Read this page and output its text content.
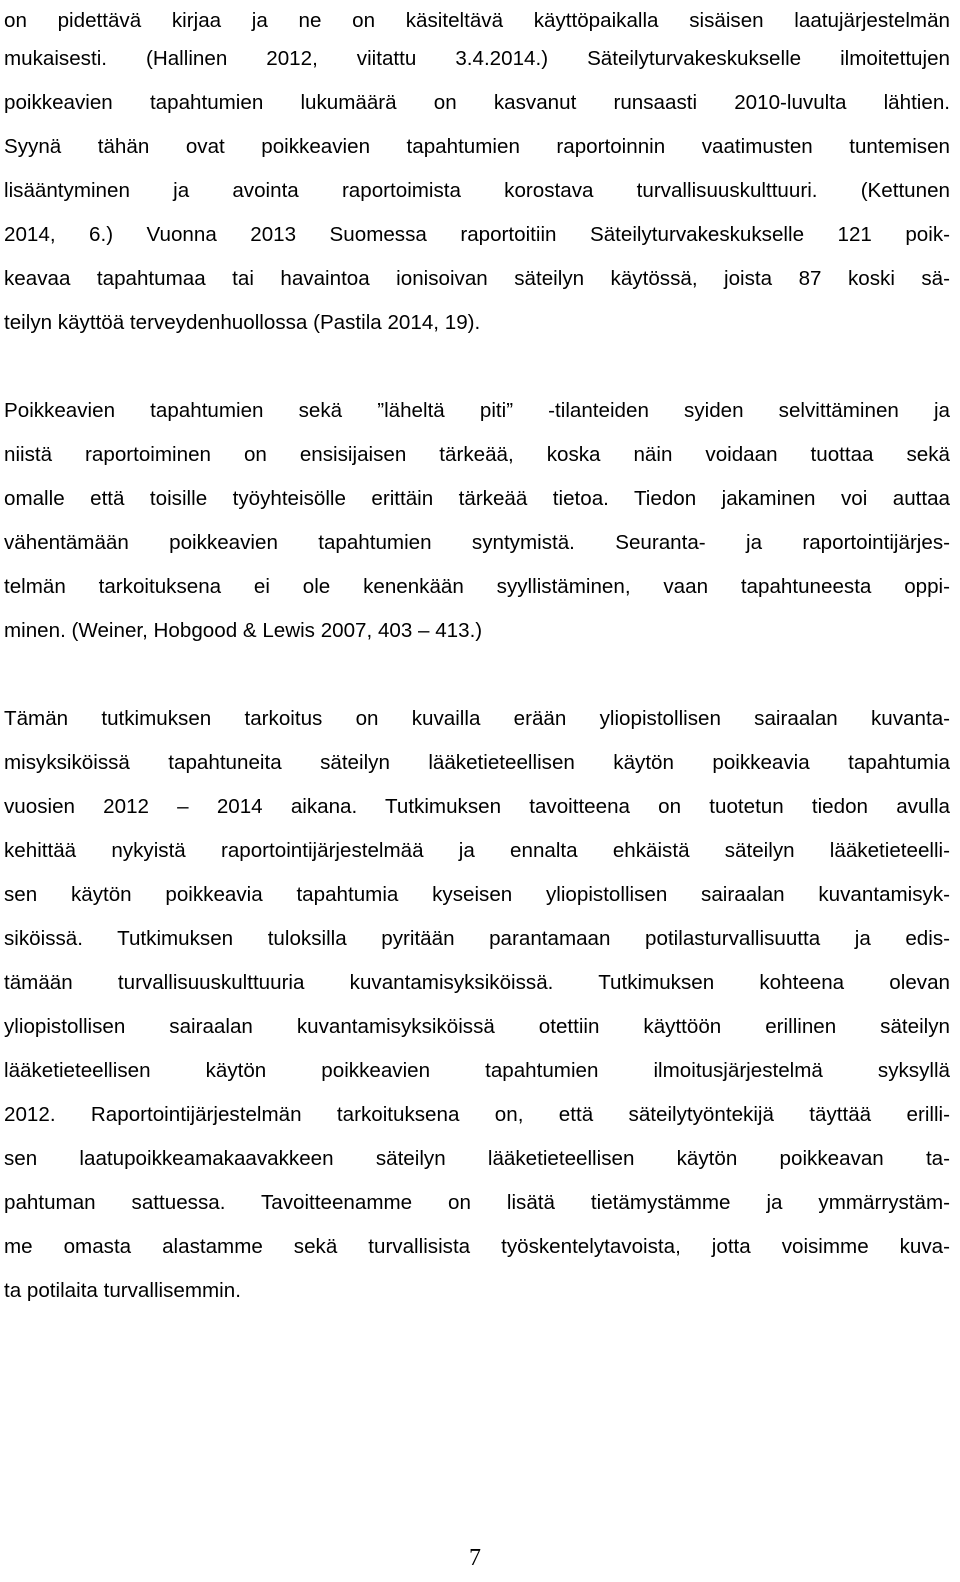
on pidettävä kirjaa ja ne on käsiteltävä käyttöpaikalla sisäisen laatujärjestelmän
mukaisesti. (Hallinen 2012, viitattu 3.4.2014.) Säteilyturvakeskukselle ilmoitettujen
poikkeavien tapahtumien lukumäärä on kasvanut runsaasti 2010-luvulta lähtien.
Syynä tähän ovat poikkeavien tapahtumien raportoinnin vaatimusten tuntemisen
lisääntyminen ja avointa raportoimista korostava turvallisuuskulttuuri. (Kettunen
2014, 6.) Vuonna 2013 Suomessa raportoitiin Säteilyturvakeskukselle 121 poik-
keavaa tapahtumaa tai havaintoa ionisoivan säteilyn käytössä, joista 87 koski sä-
teilyn käyttöä terveydenhuollossa (Pastila 2014, 19).
Poikkeavien tapahtumien sekä ”läheltä piti” -tilanteiden syiden selvittäminen ja
niistä raportoiminen on ensisijaisen tärkeää, koska näin voidaan tuottaa sekä
omalle että toisille työyhteisölle erittäin tärkeää tietoa. Tiedon jakaminen voi auttaa
vähentämään poikkeavien tapahtumien syntymistä. Seuranta- ja raportointijärjes-
telmän tarkoituksena ei ole kenenkään syyllistäminen, vaan tapahtuneesta oppi-
minen. (Weiner, Hobgood & Lewis 2007, 403 – 413.)
Tämän tutkimuksen tarkoitus on kuvailla erään yliopistollisen sairaalan kuvanta-
misyksiköissä tapahtuneita säteilyn lääketieteellisen käytön poikkeavia tapahtumia
vuosien 2012 – 2014 aikana. Tutkimuksen tavoitteena on tuotetun tiedon avulla
kehittää nykyistä raportointijärjestelmää ja ennalta ehkäistä säteilyn lääketieteelli-
sen käytön poikkeavia tapahtumia kyseisen yliopistollisen sairaalan kuvantamisyk-
siköissä. Tutkimuksen tuloksilla pyritään parantamaan potilasturvallisuutta ja edis-
tämään turvallisuuskulttuuria kuvantamisyksiköissä. Tutkimuksen kohteena olevan
yliopistollisen sairaalan kuvantamisyksiköissä otettiin käyttöön erillinen säteilyn
lääketieteellisen käytön poikkeavien tapahtumien ilmoitusjärjestelmä syksyllä
2012. Raportointijärjestelmän tarkoituksena on, että säteilytyöntekijä täyttää erilli-
sen laatupoikkeamakaavakkeen säteilyn lääketieteellisen käytön poikkeavan ta-
pahtuman sattuessa. Tavoitteenamme on lisätä tietämystämme ja ymmärrystäm-
me omasta alastamme sekä turvallisista työskentelytavoista, jotta voisimme kuva-
ta potilaita turvallisemmin.
7
